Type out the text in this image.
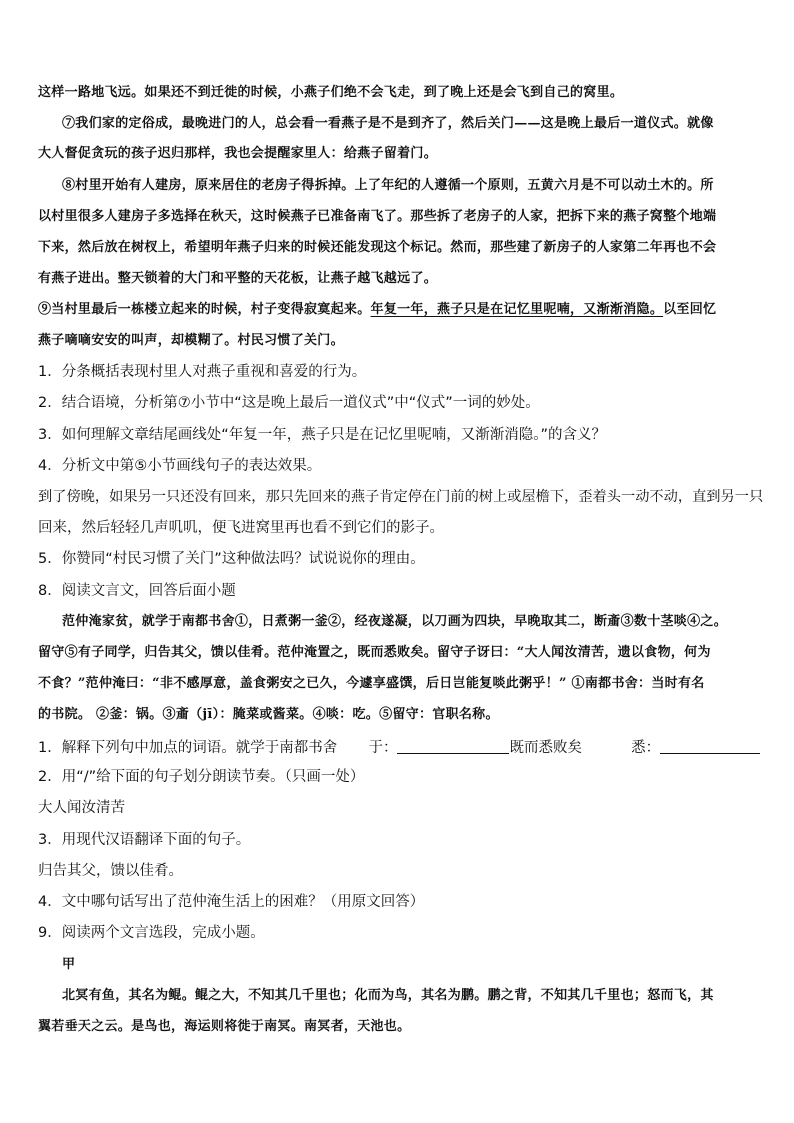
这样一路地飞远。如果还不到迁徙的时候，小燕子们绝不会飞走，到了晚上还是会飞到自己的窝里。
⑦我们家的定俗成，最晚进门的人，总会看一看燕子是不是到齐了，然后关门——这是晚上最后一道仪式。就像
大人督促贪玩的孩子迟归那样，我也会提醒家里人：给燕子留着门。
⑧村里开始有人建房，原来居住的老房子得拆掉。上了年纪的人遵循一个原则，五黄六月是不可以动土木的。所
以村里很多人建房子多选择在秋天，这时候燕子已准备南飞了。那些拆了老房子的人家，把拆下来的燕子窝整个地端
下来，然后放在树杈上，希望明年燕子归来的时候还能发现这个标记。然而，那些建了新房子的人家第二年再也不会
有燕子进出。整天锁着的大门和平整的天花板，让燕子越飞越远了。
⑨当村里最后一栋楼立起来的时候，村子变得寂寞起来。年复一年，燕子只是在记忆里呢喃，又渐渐消隐。以至回忆
燕子嘀嘀安安的叫声，却模糊了。村民习惯了关门。
1．分条概括表现村里人对燕子重视和喜爱的行为。
2．结合语境，分析第⑦小节中“这是晚上最后一道仪式”中“仪式”一词的妙处。
3．如何理解文章结尾画线处“年复一年，燕子只是在记忆里呢喃，又渐渐消隐。”的含义？
4．分析文中第⑤小节画线句子的表达效果。
到了傍晚，如果另一只还没有回来，那只先回来的燕子肯定停在门前的树上或屋檐下，歪着头一动不动，直到另一只
回来，然后轻轻几声叽叽，便飞进窝里再也看不到它们的影子。
5．你赞同“村民习惯了关门”这种做法吗？试说说你的理由。
8．阅读文言文，回答后面小题
范仲淹家贫，就学于南都书舍①，日煮粥一釜②，经夜遂凝，以刀画为四块，早晚取其二，断齑③数十茎啖④之。
留守⑤有子同学，归告其父，馈以佳肴。范仲淹置之，既而悉败矣。留守子讶曰：“大人闻汝清苦，遗以食物，何为
不食？”范仲淹曰：“非不感厚意，盖食粥安之已久，今遽享盛馔，后日岂能复啖此粥乎！” ①南都书舍：当时有名
的书院。 ②釜：锅。③齑（jī）：腌菜或酱菜。④啖：吃。⑤留守：官职名称。
1．解释下列句中加点的词语。就学于南都书舍 于：	既而悉败矣	悉：
2．用“/”给下面的句子划分朗读节奏。（只画一处）
大人闻汝清苦
3．用现代汉语翻译下面的句子。
归告其父，馈以佳肴。
4．文中哪句话写出了范仲淹生活上的困难？（用原文回答）
9．阅读两个文言选段，完成小题。
甲
北冥有鱼，其名为鲲。鲲之大，不知其几千里也；化而为鸟，其名为鹏。鹏之背，不知其几千里也；怒而飞，其
翼若垂天之云。是鸟也，海运则将徙于南冥。南冥者，天池也。
